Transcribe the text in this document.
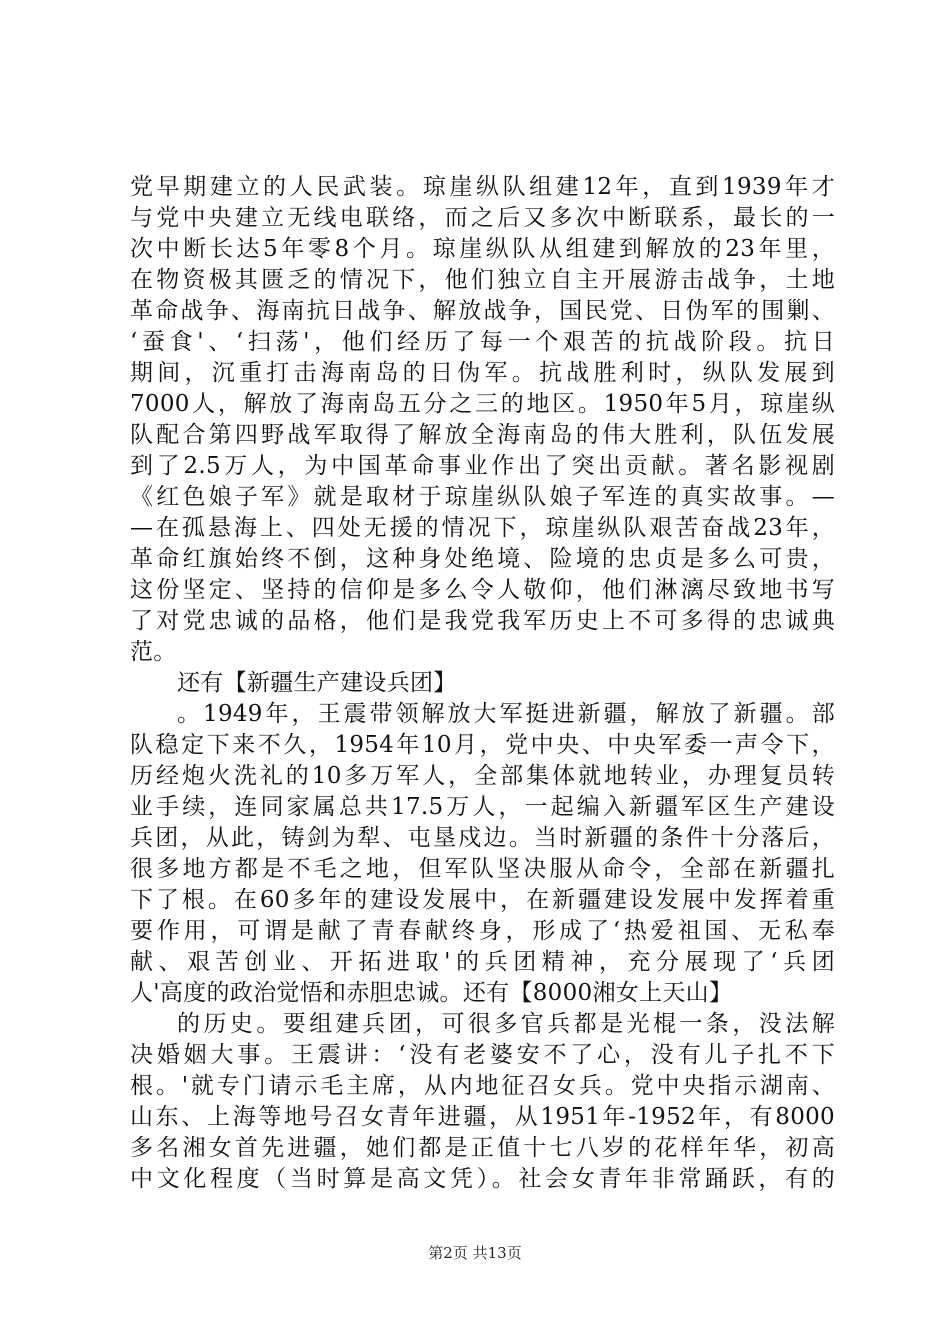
党早期建立的人民武装。琼崖纵队组建12年，直到1939年才
与党中央建立无线电联络，而之后又多次中断联系，最长的一
次中断长达5年零8个月。琼崖纵队从组建到解放的23年里，
在物资极其匮乏的情况下，他们独立自主开展游击战争，土地
革命战争、海南抗日战争、解放战争，国民党、日伪军的围剿、
‘蚕食'、‘扫荡'，他们经历了每一个艰苦的抗战阶段。抗日
期间，沉重打击海南岛的日伪军。抗战胜利时，纵队发展到
7000人，解放了海南岛五分之三的地区。1950年5月，琼崖纵
队配合第四野战军取得了解放全海南岛的伟大胜利，队伍发展
到了2.5万人，为中国革命事业作出了突出贡献。著名影视剧
《红色娘子军》就是取材于琼崖纵队娘子军连的真实故事。—
—在孤悬海上、四处无援的情况下，琼崖纵队艰苦奋战23年，
革命红旗始终不倒，这种身处绝境、险境的忠贞是多么可贵，
这份坚定、坚持的信仰是多么令人敬仰，他们淋漓尽致地书写
了对党忠诚的品格，他们是我党我军历史上不可多得的忠诚典
范。
还有【新疆生产建设兵团】
。1949年，王震带领解放大军挺进新疆，解放了新疆。部
队稳定下来不久，1954年10月，党中央、中央军委一声令下，
历经炮火洗礼的10多万军人，全部集体就地转业，办理复员转
业手续，连同家属总共17.5万人，一起编入新疆军区生产建设
兵团，从此，铸剑为犁、屯垦戍边。当时新疆的条件十分落后，
很多地方都是不毛之地，但军队坚决服从命令，全部在新疆扎
下了根。在60多年的建设发展中，在新疆建设发展中发挥着重
要作用，可谓是献了青春献终身，形成了‘热爱祖国、无私奉
献、艰苦创业、开拓进取'的兵团精神，充分展现了‘兵团
人'高度的政治觉悟和赤胆忠诚。还有【8000湘女上天山】
的历史。要组建兵团，可很多官兵都是光棍一条，没法解
决婚姻大事。王震讲：‘没有老婆安不了心，没有儿子扎不下
根。'就专门请示毛主席，从内地征召女兵。党中央指示湖南、
山东、上海等地号召女青年进疆，从1951年-1952年，有8000
多名湘女首先进疆，她们都是正值十七八岁的花样年华，初高
中文化程度（当时算是高文凭）。社会女青年非常踊跃，有的
第2页 共13页
